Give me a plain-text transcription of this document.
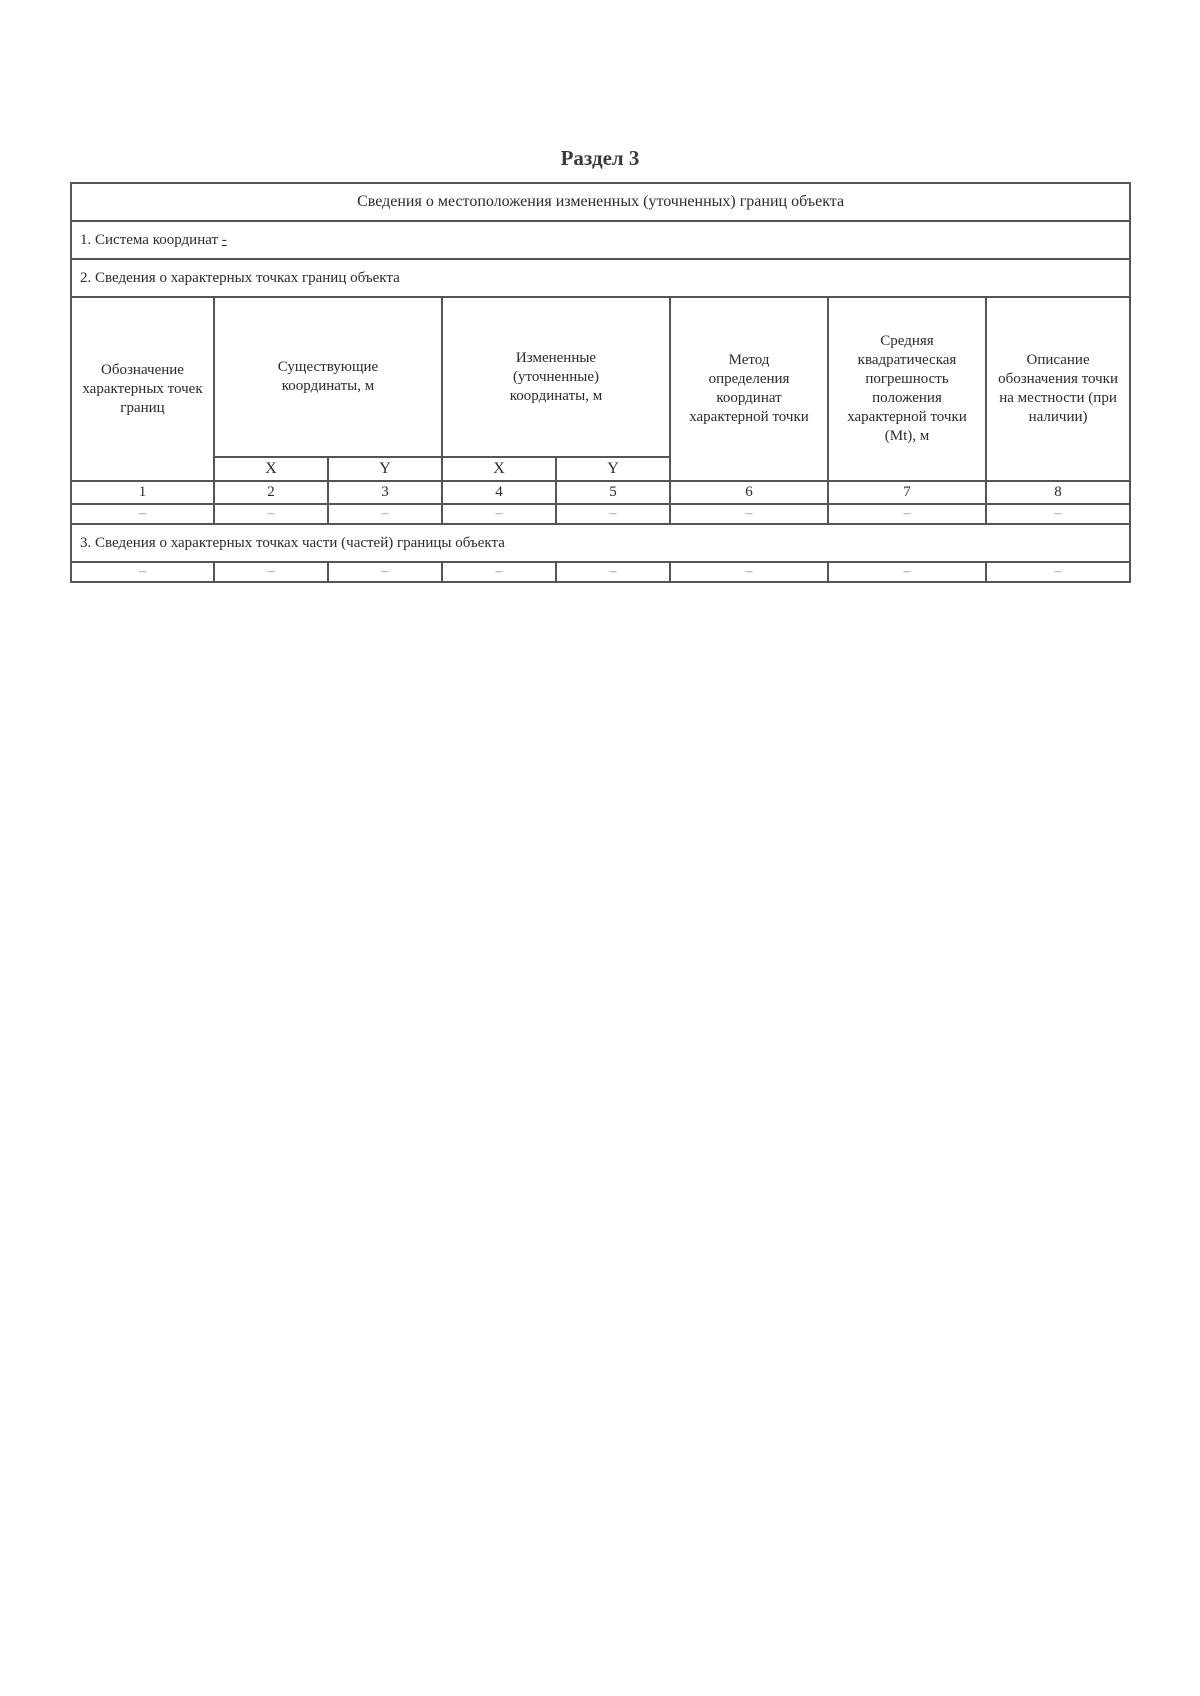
Раздел 3
Сведения о местоположения измененных (уточненных) границ объекта							
1. Система координат -							
2. Сведения о характерных точках границ объекта							
Обозначение характерных точек границ	Существующие координаты, м		Измененные (уточненные) координаты, м		Метод определения координат характерной точки	Средняя квадратическая погрешность положения характерной точки (Mt), м	Описание обозначения точки на местности (при наличии)
	X	Y	X	Y			
1	2	3	4	5	6	7	8
–	–	–	–	–	–	–	–
3. Сведения о характерных точках части (частей) границы объекта							
–	–	–	–	–	–	–	–
